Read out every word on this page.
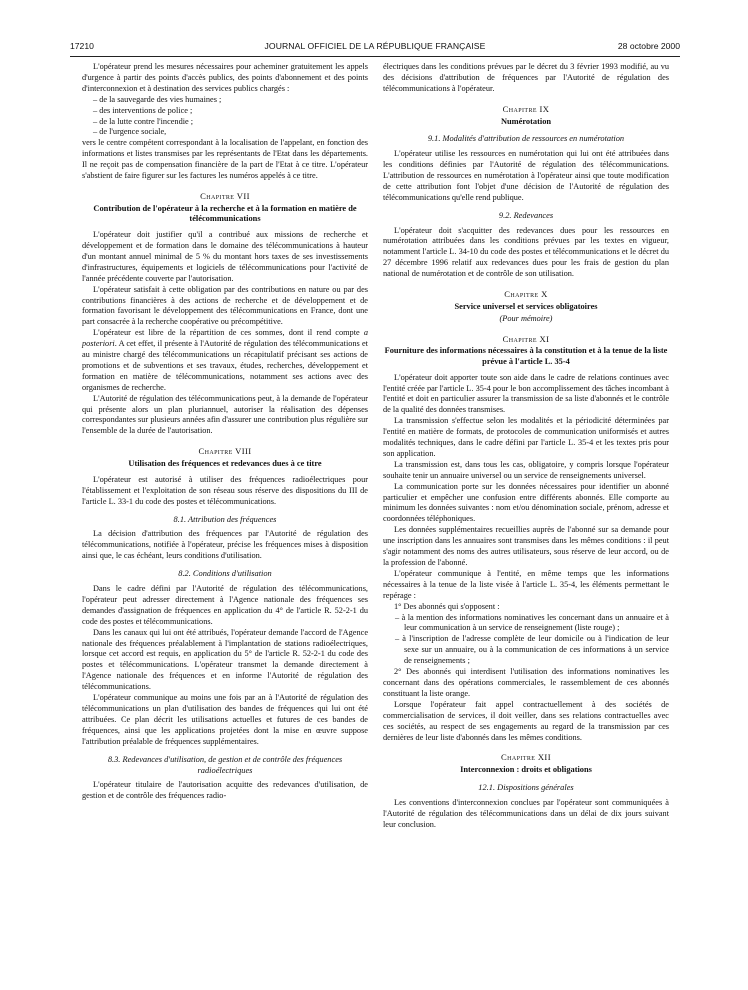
17210	JOURNAL OFFICIEL DE LA RÉPUBLIQUE FRANÇAISE	28 octobre 2000

L'opérateur prend les mesures nécessaires pour acheminer gratuitement les appels d'urgence à partir des points d'accès publics, des points d'abonnement et des points d'interconnexion et à destination des services publics chargés :

– de la sauvegarde des vies humaines ;

– des interventions de police ;

– de la lutte contre l'incendie ;

– de l'urgence sociale,

vers le centre compétent correspondant à la localisation de l'appelant, en fonction des informations et listes transmises par les représentants de l'Etat dans les départements. Il ne reçoit pas de compensation financière de la part de l'Etat à ce titre. L'opérateur s'abstient de faire figurer sur les factures les numéros appelés à ce titre.

Chapitre VII
Contribution de l'opérateur à la recherche et à la formation en matière de télécommunications

L'opérateur doit justifier qu'il a contribué aux missions de recherche et développement et de formation dans le domaine des télécommunications à hauteur d'un montant annuel minimal de 5 % du montant hors taxes de ses investissements d'infrastructures, équipements et logiciels de télécommunications pour l'activité de l'année précédente couverte par l'autorisation.

L'opérateur satisfait à cette obligation par des contributions en nature ou par des contributions financières à des actions de recherche et de développement et de formation favorisant le développement des télécommunications en France, dont une part consacrée à la recherche coopérative ou précompétitive.

L'opérateur est libre de la répartition de ces sommes, dont il rend compte a posteriori. A cet effet, il présente à l'Autorité de régulation des télécommunications et au ministre chargé des télécommunications un récapitulatif précisant ses actions de promotions et de subventions et ses travaux, études, recherches, développement et formation en matière de télécommunications, notamment ses actions avec des organismes de recherche.

L'Autorité de régulation des télécommunications peut, à la demande de l'opérateur qui présente alors un plan pluriannuel, autoriser la réalisation des dépenses correspondantes sur plusieurs années afin d'assurer une contribution plus régulière sur l'ensemble de la durée de l'autorisation.

Chapitre VIII
Utilisation des fréquences et redevances dues à ce titre

L'opérateur est autorisé à utiliser des fréquences radioélectriques pour l'établissement et l'exploitation de son réseau sous réserve des dispositions du III de l'article L. 33-1 du code des postes et télécommunications.

8.1. Attribution des fréquences

La décision d'attribution des fréquences par l'Autorité de régulation des télécommunications, notifiée à l'opérateur, précise les fréquences mises à disposition ainsi que, le cas échéant, leurs conditions d'utilisation.

8.2. Conditions d'utilisation

Dans le cadre défini par l'Autorité de régulation des télécommunications, l'opérateur peut adresser directement à l'Agence nationale des fréquences ses demandes d'assignation de fréquences en application du 4° de l'article R. 52-2-1 du code des postes et télécommunications.

Dans les canaux qui lui ont été attribués, l'opérateur demande l'accord de l'Agence nationale des fréquences préalablement à l'implantation de stations radioélectriques, lorsque cet accord est requis, en application du 5° de l'article R. 52-2-1 du code des postes et télécommunications. L'opérateur transmet la demande directement à l'Agence nationale des fréquences et en informe l'Autorité de régulation des télécommunications.

L'opérateur communique au moins une fois par an à l'Autorité de régulation des télécommunications un plan d'utilisation des bandes de fréquences qui lui ont été attribuées. Ce plan décrit les utilisations actuelles et futures de ces bandes de fréquences, ainsi que les applications projetées dont la mise en œuvre suppose l'attribution préalable de fréquences supplémentaires.

8.3. Redevances d'utilisation, de gestion et de contrôle des fréquences radioélectriques

L'opérateur titulaire de l'autorisation acquitte des redevances d'utilisation, de gestion et de contrôle des fréquences radio-

électriques dans les conditions prévues par le décret du 3 février 1993 modifié, au vu des décisions d'attribution de fréquences par l'Autorité de régulation des télécommunications à l'opérateur.

Chapitre IX
Numérotation
9.1. Modalités d'attribution de ressources en numérotation

L'opérateur utilise les ressources en numérotation qui lui ont été attribuées dans les conditions définies par l'Autorité de régulation des télécommunications. L'attribution de ressources en numérotation à l'opérateur ainsi que toute modification de cette attribution font l'objet d'une décision de l'Autorité de régulation des télécommunications qu'elle rend publique.

9.2. Redevances

L'opérateur doit s'acquitter des redevances dues pour les ressources en numérotation attribuées dans les conditions prévues par les textes en vigueur, notamment l'article L. 34-10 du code des postes et télécommunications et le décret du 27 décembre 1996 relatif aux redevances dues pour les frais de gestion du plan national de numérotation et de contrôle de son utilisation.

Chapitre X
Service universel et services obligatoires
(Pour mémoire)
Chapitre XI
Fourniture des informations nécessaires à la constitution et à la tenue de la liste prévue à l'article L. 35-4

L'opérateur doit apporter toute son aide dans le cadre de relations continues avec l'entité créée par l'article L. 35-4 pour le bon accomplissement des tâches incombant à l'entité et doit en particulier assurer la transmission de sa liste d'abonnés et le contrôle de la qualité des données transmises.

La transmission s'effectue selon les modalités et la périodicité déterminées par l'entité en matière de formats, de protocoles de communication uniformisés et autres modalités techniques, dans le cadre défini par l'article L. 35-4 et les textes pris pour son application.

La transmission est, dans tous les cas, obligatoire, y compris lorsque l'opérateur souhaite tenir un annuaire universel ou un service de renseignements universel.

La communication porte sur les données nécessaires pour identifier un abonné particulier et empêcher une confusion entre différents abonnés. Elle comporte au minimum les données suivantes : nom et/ou dénomination sociale, prénom, adresse et coordonnées téléphoniques.

Les données supplémentaires recueillies auprès de l'abonné sur sa demande pour une inscription dans les annuaires sont transmises dans les mêmes conditions : il peut s'agir notamment des noms des autres utilisateurs, sous réserve de leur accord, ou de la profession de l'abonné.

L'opérateur communique à l'entité, en même temps que les informations nécessaires à la tenue de la liste visée à l'article L. 35-4, les éléments permettant le repérage :

1° Des abonnés qui s'opposent :

– à la mention des informations nominatives les concernant dans un annuaire et à leur communication à un service de renseignement (liste rouge) ;

– à l'inscription de l'adresse complète de leur domicile ou à l'indication de leur sexe sur un annuaire, ou à la communication de ces informations à un service de renseignements ;

2° Des abonnés qui interdisent l'utilisation des informations nominatives les concernant dans des opérations commerciales, le rassemblement de ces abonnés constituant la liste orange.

Lorsque l'opérateur fait appel contractuellement à des sociétés de commercialisation de services, il doit veiller, dans ses relations contractuelles avec ces sociétés, au respect de ses engagements au regard de la transmission par ces dernières de leur liste d'abonnés dans les mêmes conditions.

Chapitre XII
Interconnexion : droits et obligations
12.1. Dispositions générales

Les conventions d'interconnexion conclues par l'opérateur sont communiquées à l'Autorité de régulation des télécommunications dans un délai de dix jours suivant leur conclusion.
